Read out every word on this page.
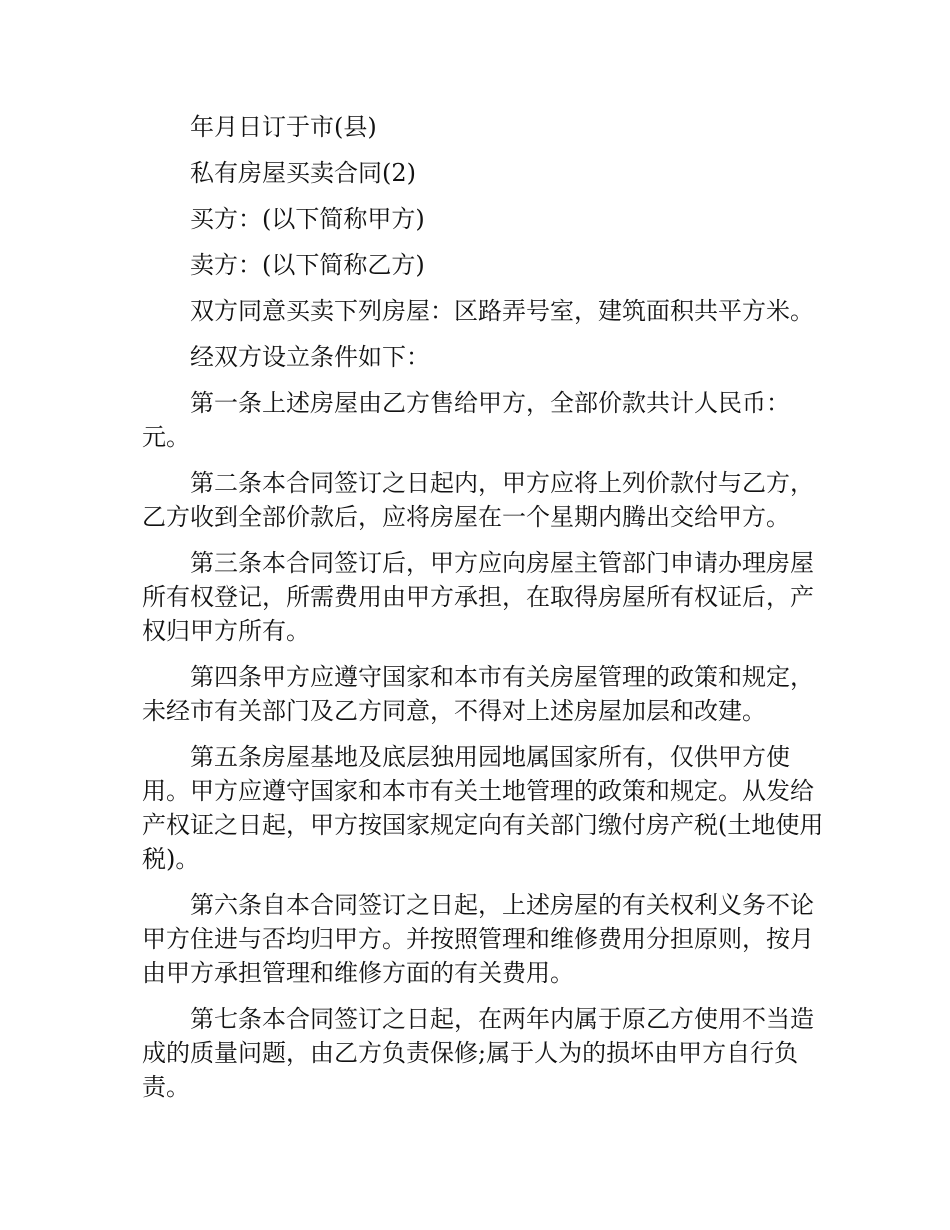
年月日订于市(县)

私有房屋买卖合同(2)

买方：(以下简称甲方)

卖方：(以下简称乙方)

双方同意买卖下列房屋：区路弄号室，建筑面积共平方米。

经双方设立条件如下：

第一条上述房屋由乙方售给甲方，全部价款共计人民币：元。

第二条本合同签订之日起内，甲方应将上列价款付与乙方，乙方收到全部价款后，应将房屋在一个星期内腾出交给甲方。

第三条本合同签订后，甲方应向房屋主管部门申请办理房屋所有权登记，所需费用由甲方承担，在取得房屋所有权证后，产权归甲方所有。

第四条甲方应遵守国家和本市有关房屋管理的政策和规定，未经市有关部门及乙方同意，不得对上述房屋加层和改建。

第五条房屋基地及底层独用园地属国家所有，仅供甲方使用。甲方应遵守国家和本市有关土地管理的政策和规定。从发给产权证之日起，甲方按国家规定向有关部门缴付房产税(土地使用税)。

第六条自本合同签订之日起，上述房屋的有关权利义务不论甲方住进与否均归甲方。并按照管理和维修费用分担原则，按月由甲方承担管理和维修方面的有关费用。

第七条本合同签订之日起，在两年内属于原乙方使用不当造成的质量问题，由乙方负责保修;属于人为的损坏由甲方自行负责。
